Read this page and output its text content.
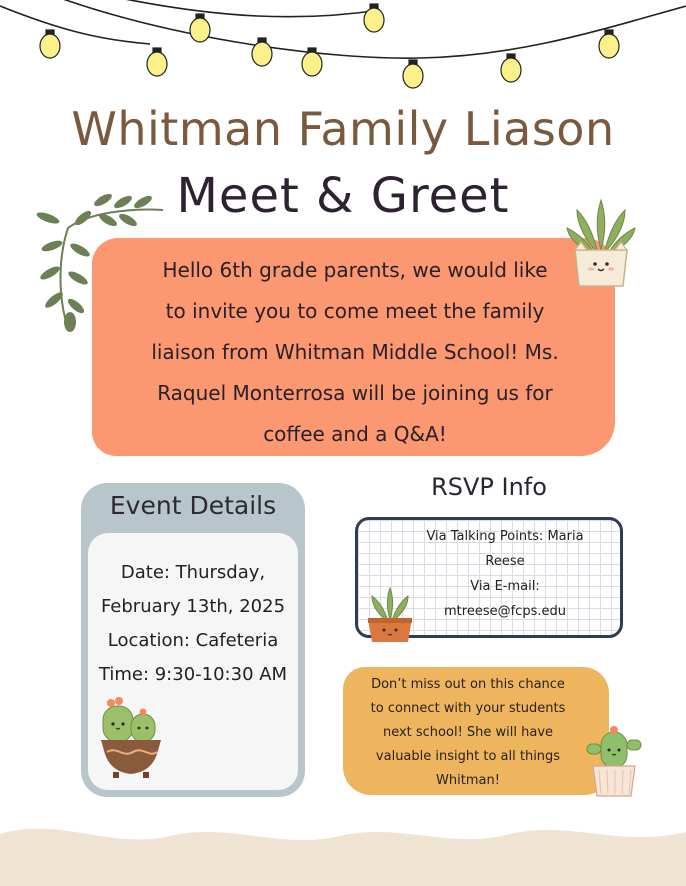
Whitman Family Liason
Meet & Greet
Hello 6th grade parents, we would like
to invite you to come meet the family
liaison from Whitman Middle School! Ms.
Raquel Monterrosa will be joining us for
coffee and a Q&A!
Event Details
Date: Thursday,
February 13th, 2025
Location: Cafeteria
Time: 9:30-10:30 AM
RSVP Info
Via Talking Points: Maria
Reese
Via E-mail:
mtreese@fcps.edu
Don’t miss out on this chance
to connect with your students
next school! She will have
valuable insight to all things
Whitman!
